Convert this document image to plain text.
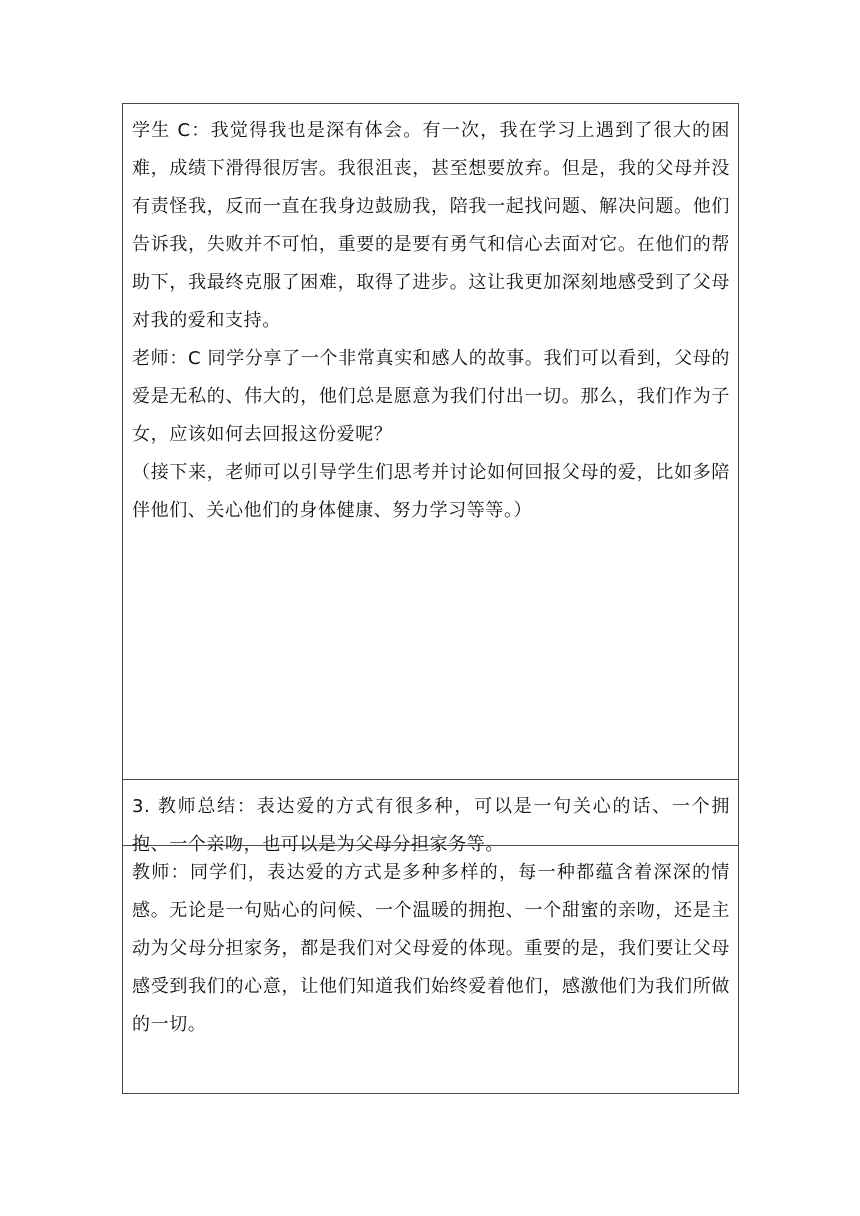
学生 C：我觉得我也是深有体会。有一次，我在学习上遇到了很大的困难，成绩下滑得很厉害。我很沮丧，甚至想要放弃。但是，我的父母并没有责怪我，反而一直在我身边鼓励我，陪我一起找问题、解决问题。他们告诉我，失败并不可怕，重要的是要有勇气和信心去面对它。在他们的帮助下，我最终克服了困难，取得了进步。这让我更加深刻地感受到了父母对我的爱和支持。

老师：C 同学分享了一个非常真实和感人的故事。我们可以看到，父母的爱是无私的、伟大的，他们总是愿意为我们付出一切。那么，我们作为子女，应该如何去回报这份爱呢？

（接下来，老师可以引导学生们思考并讨论如何回报父母的爱，比如多陪伴他们、关心他们的身体健康、努力学习等等。）

3. 教师总结：表达爱的方式有很多种，可以是一句关心的话、一个拥抱、一个亲吻，也可以是为父母分担家务等。

教师：同学们，表达爱的方式是多种多样的，每一种都蕴含着深深的情感。无论是一句贴心的问候、一个温暖的拥抱、一个甜蜜的亲吻，还是主动为父母分担家务，都是我们对父母爱的体现。重要的是，我们要让父母感受到我们的心意，让他们知道我们始终爱着他们，感激他们为我们所做的一切。
